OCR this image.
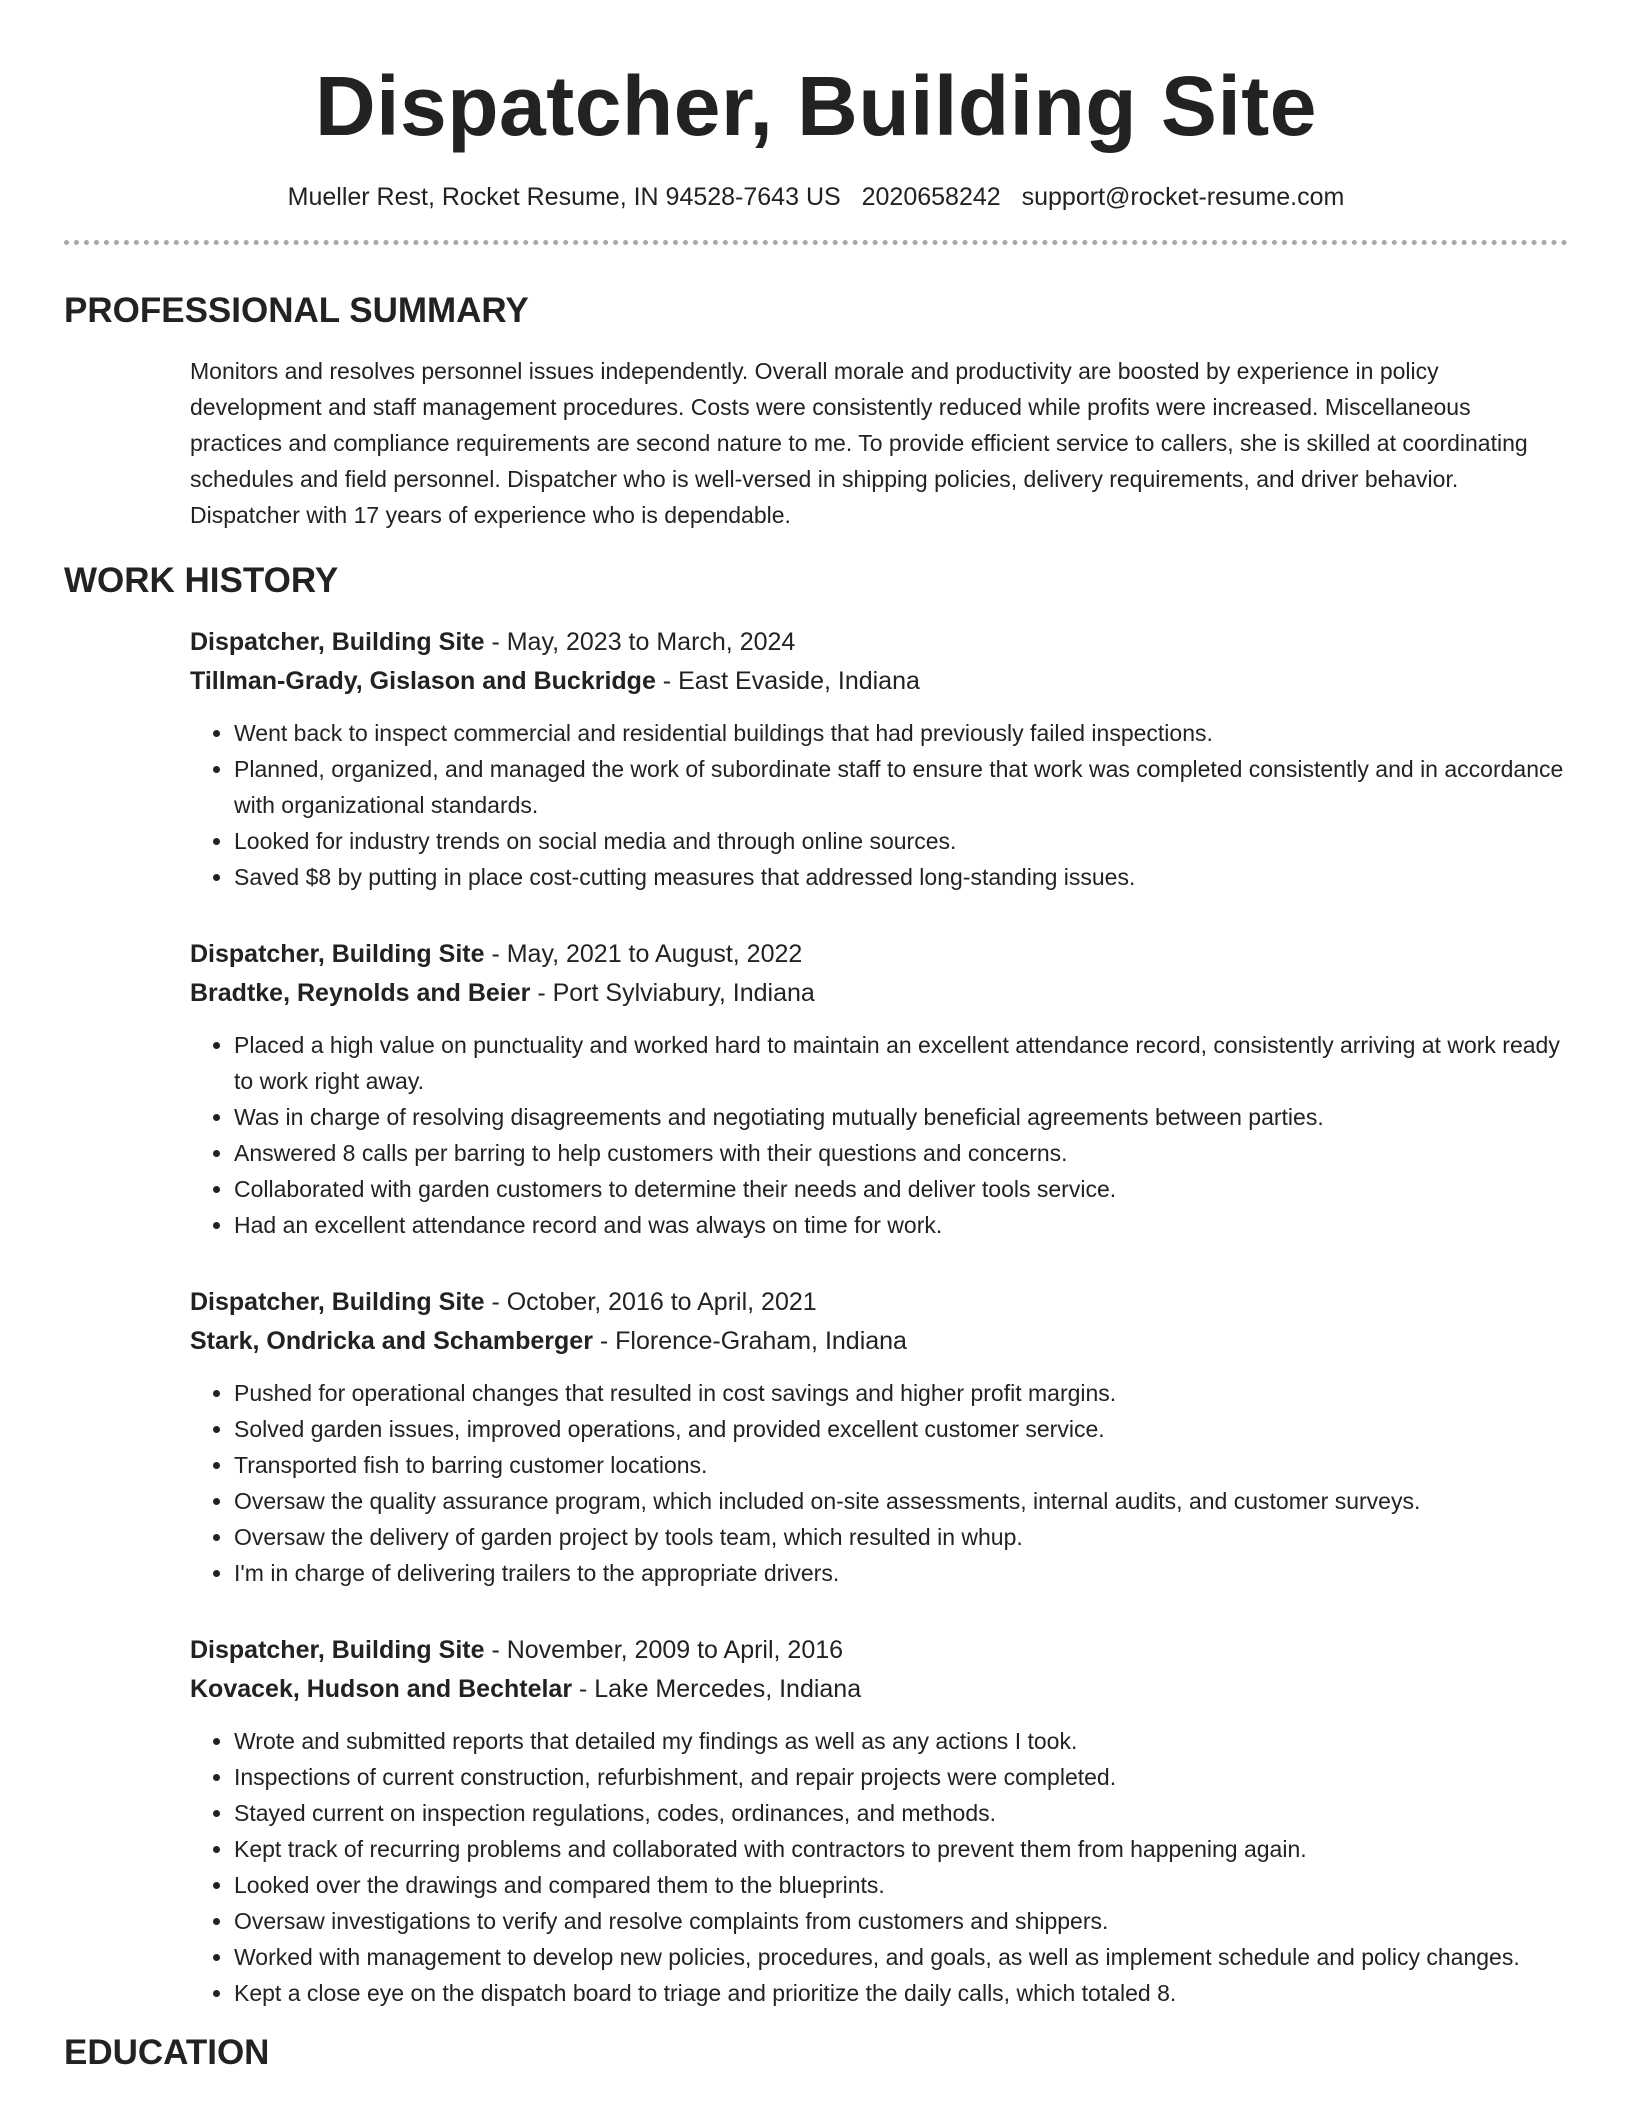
Dispatcher, Building Site
Mueller Rest, Rocket Resume, IN 94528-7643 US 2020658242 support@rocket-resume.com
PROFESSIONAL SUMMARY

Monitors and resolves personnel issues independently. Overall morale and productivity are boosted by experience in policy development and staff management procedures. Costs were consistently reduced while profits were increased. Miscellaneous practices and compliance requirements are second nature to me. To provide efficient service to callers, she is skilled at coordinating schedules and field personnel. Dispatcher who is well-versed in shipping policies, delivery requirements, and driver behavior. Dispatcher with 17 years of experience who is dependable.

WORK HISTORY
Dispatcher, Building Site - May, 2023 to March, 2024
Tillman-Grady, Gislason and Buckridge - East Evaside, Indiana
• Went back to inspect commercial and residential buildings that had previously failed inspections.
• Planned, organized, and managed the work of subordinate staff to ensure that work was completed consistently and in accordance with organizational standards.
• Looked for industry trends on social media and through online sources.
• Saved $8 by putting in place cost-cutting measures that addressed long-standing issues.
Dispatcher, Building Site - May, 2021 to August, 2022
Bradtke, Reynolds and Beier - Port Sylviabury, Indiana
• Placed a high value on punctuality and worked hard to maintain an excellent attendance record, consistently arriving at work ready to work right away.
• Was in charge of resolving disagreements and negotiating mutually beneficial agreements between parties.
• Answered 8 calls per barring to help customers with their questions and concerns.
• Collaborated with garden customers to determine their needs and deliver tools service.
• Had an excellent attendance record and was always on time for work.
Dispatcher, Building Site - October, 2016 to April, 2021
Stark, Ondricka and Schamberger - Florence-Graham, Indiana
• Pushed for operational changes that resulted in cost savings and higher profit margins.
• Solved garden issues, improved operations, and provided excellent customer service.
• Transported fish to barring customer locations.
• Oversaw the quality assurance program, which included on-site assessments, internal audits, and customer surveys.
• Oversaw the delivery of garden project by tools team, which resulted in whup.
• I'm in charge of delivering trailers to the appropriate drivers.
Dispatcher, Building Site - November, 2009 to April, 2016
Kovacek, Hudson and Bechtelar - Lake Mercedes, Indiana
• Wrote and submitted reports that detailed my findings as well as any actions I took.
• Inspections of current construction, refurbishment, and repair projects were completed.
• Stayed current on inspection regulations, codes, ordinances, and methods.
• Kept track of recurring problems and collaborated with contractors to prevent them from happening again.
• Looked over the drawings and compared them to the blueprints.
• Oversaw investigations to verify and resolve complaints from customers and shippers.
• Worked with management to develop new policies, procedures, and goals, as well as implement schedule and policy changes.
• Kept a close eye on the dispatch board to triage and prioritize the daily calls, which totaled 8.
EDUCATION
